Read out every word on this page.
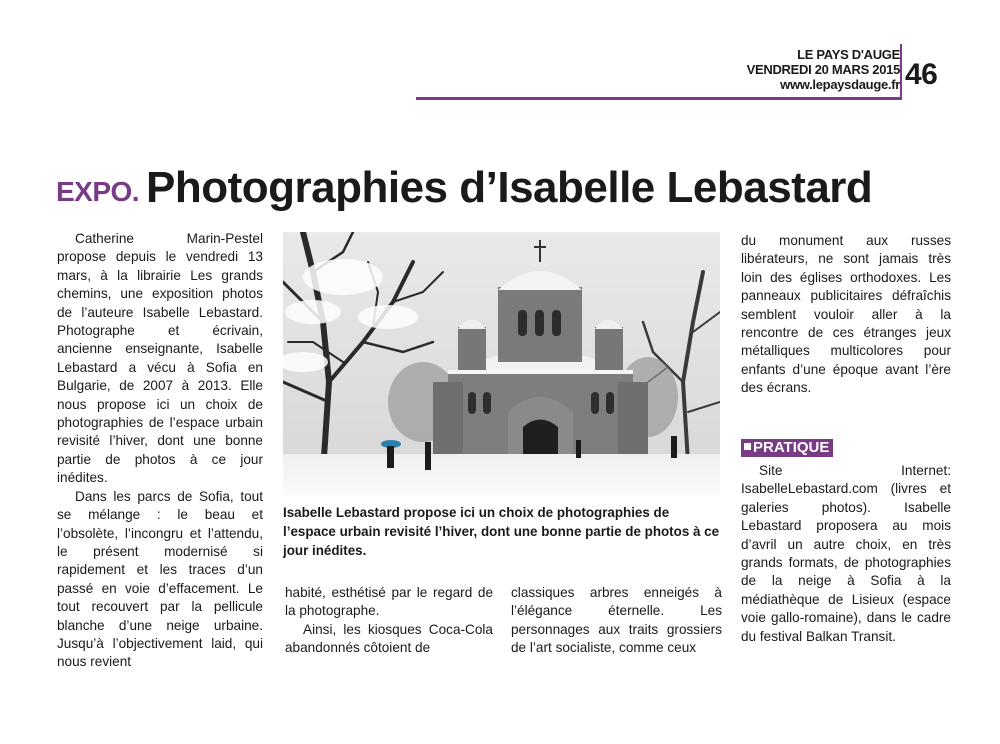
LE PAYS D'AUGE
VENDREDI 20 MARS 2015
www.lepaysdauge.fr 46
EXPO. Photographies d’Isabelle Lebastard

Catherine Marin-Pestel propose depuis le vendredi 13 mars, à la librairie Les grands chemins, une exposition photos de l’auteure Isabelle Lebastard. Photographe et écrivain, ancienne enseignante, Isabelle Lebastard a vécu à Sofia en Bulgarie, de 2007 à 2013. Elle nous propose ici un choix de photographies de l’espace urbain revisité l’hiver, dont une bonne partie de photos à ce jour inédites.

Dans les parcs de Sofia, tout se mélange : le beau et l’obsolète, l’incongru et l’attendu, le présent modernisé si rapidement et les traces d’un passé en voie d’effacement. Le tout recouvert par la pellicule blanche d’une neige urbaine. Jusqu’à l’objectivement laid, qui nous revient

Isabelle Lebastard propose ici un choix de photographies de l’espace urbain revisité l’hiver, dont une bonne partie de photos à ce jour inédites.

habité, esthétisé par le regard de la photographe.

Ainsi, les kiosques Coca-Cola abandonnés côtoient de

classiques arbres enneigés à l’élégance éternelle. Les personnages aux traits grossiers de l’art socialiste, comme ceux

du monument aux russes libérateurs, ne sont jamais très loin des églises orthodoxes. Les panneaux publicitaires défraîchis semblent vouloir aller à la rencontre de ces étranges jeux métalliques multicolores pour enfants d’une époque avant l’ère des écrans.

PRATIQUE

Site Internet: IsabelleLebastard.com (livres et galeries photos). Isabelle Lebastard proposera au mois d’avril un autre choix, en très grands formats, de photographies de la neige à Sofia à la médiathèque de Lisieux (espace voie gallo-romaine), dans le cadre du festival Balkan Transit.
